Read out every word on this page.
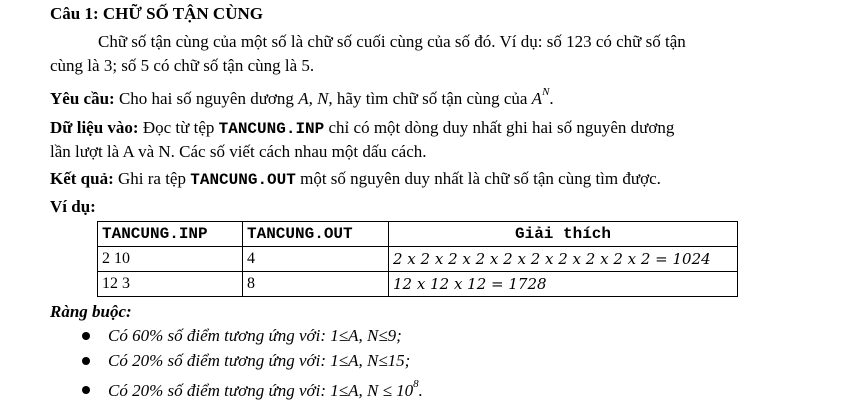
Câu 1: CHỮ SỐ TẬN CÙNG
Chữ số tận cùng của một số là chữ số cuối cùng của số đó. Ví dụ: số 123 có chữ số tận
cùng là 3; số 5 có chữ số tận cùng là 5.
Yêu cầu: Cho hai số nguyên dương A, N, hãy tìm chữ số tận cùng của $A^N$.
Dữ liệu vào: Đọc từ tệp TANCUNG.INP chỉ có một dòng duy nhất ghi hai số nguyên dương
lần lượt là A và N. Các số viết cách nhau một dấu cách.
Kết quả: Ghi ra tệp TANCUNG.OUT một số nguyên duy nhất là chữ số tận cùng tìm được.
Ví dụ:
TANCUNG.INP	TANCUNG.OUT	Giải thích
2 10	4	2 x 2 x 2 x 2 x 2 x 2 x 2 x 2 x 2 x 2 = 1024
12 3	8	12 x 12 x 12 = 1728
Ràng buộc:
Có 60% số điểm tương ứng với: 1≤A, N≤9;
Có 20% số điểm tương ứng với: 1≤A, N≤15;
Có 20% số điểm tương ứng với: 1≤A, $N \le 10^8$.
